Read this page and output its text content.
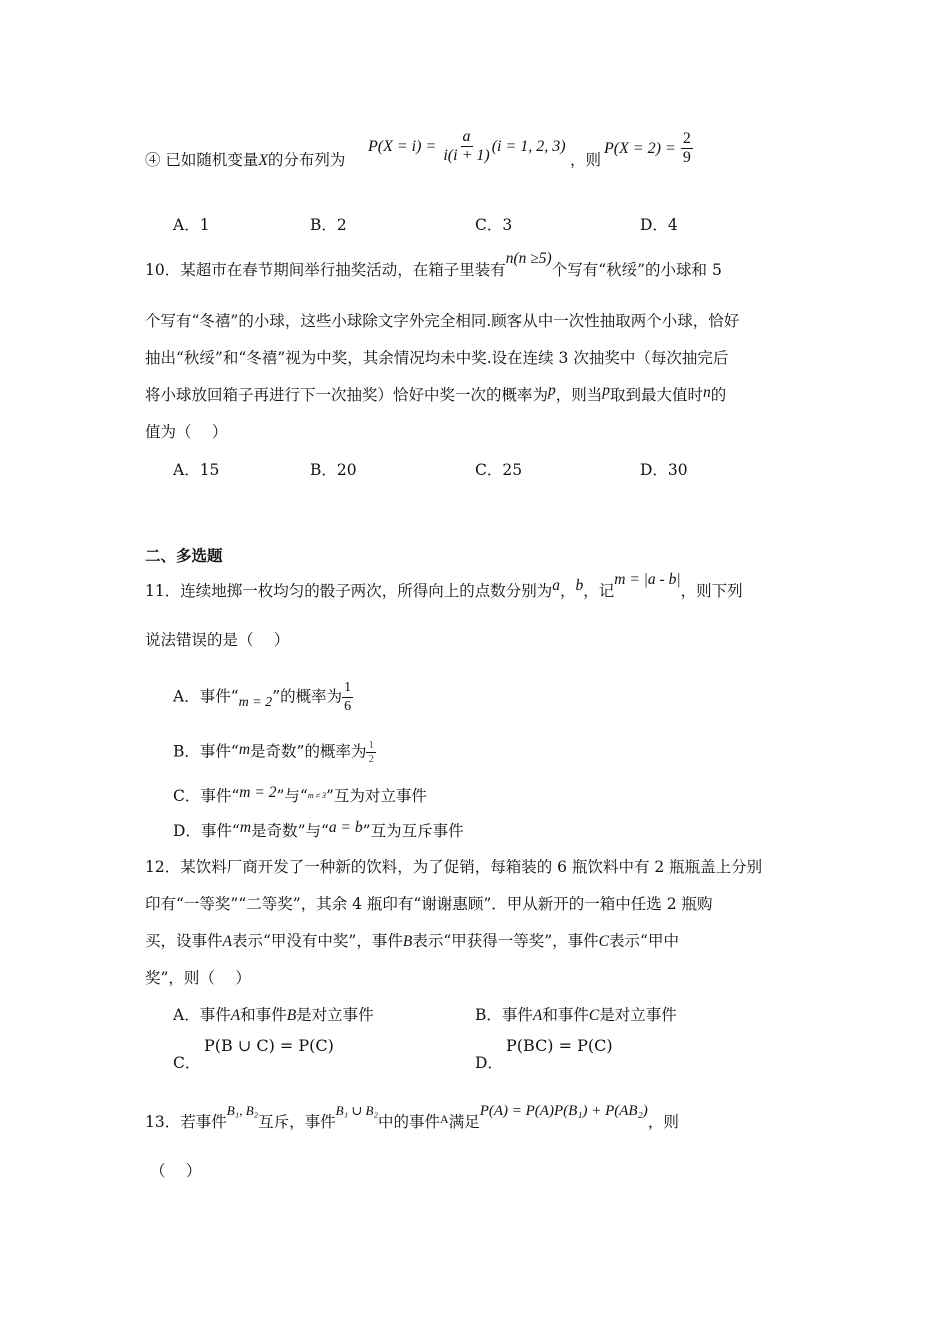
④ 已如随机变量X的分布列为
$P(X = i) = \frac{a}{i(i + 1)} (i = 1$, 2, 3)
，则
$P(X = 2) = \frac{2}{9}$
A．1	B．2	C．3	D．4
10．某超市在春节期间举行抽奖活动，在箱子里装有n(n ≥5)个写有“秋绥”的小球和 5
个写有“冬禧”的小球，这些小球除文字外完全相同.顾客从中一次性抽取两个小球，恰好
抽出“秋绥”和“冬禧”视为中奖，其余情况均未中奖.设在连续 3 次抽奖中（每次抽完后
将小球放回箱子再进行下一次抽奖）恰好中奖一次的概率为p，则当p取到最大值时n的
值为（　 ）
A．15	B．20	C．25	D．30
二、多选题
11．连续地掷一枚均匀的骰子两次，所得向上的点数分别为a，b，记m = |a - b|，则下列
说法错误的是（　 ）
A．事件“m = 2”的概率为 $\frac{1}{6}$
B．事件“m是奇数”的概率为 $\frac{1}{2}$
C．事件“m = 2”与“m ≠ 3”互为对立事件
D．事件“m是奇数”与“a = b”互为互斥事件
12．某饮料厂商开发了一种新的饮料，为了促销，每箱装的 6 瓶饮料中有 2 瓶瓶盖上分别
印有“一等奖”“二等奖”，其余 4 瓶印有“谢谢惠顾”．甲从新开的一箱中任选 2 瓶购
买，设事件A表示“甲没有中奖”，事件B表示“甲获得一等奖”，事件C表示“甲中
奖”，则（　 ）
A．事件A和事件B是对立事件	B．事件A和事件C是对立事件
C．
P(B ∪ C) = P(C)
D．
P(BC) = P(C)
13．若事件$^{B_1, B_2}$互斥，事件$^{B_1 \cup B_2}$中的事件$^A$满足P(A) = P(A)P(B₁) + P(AB₂)，则
（　 ）
